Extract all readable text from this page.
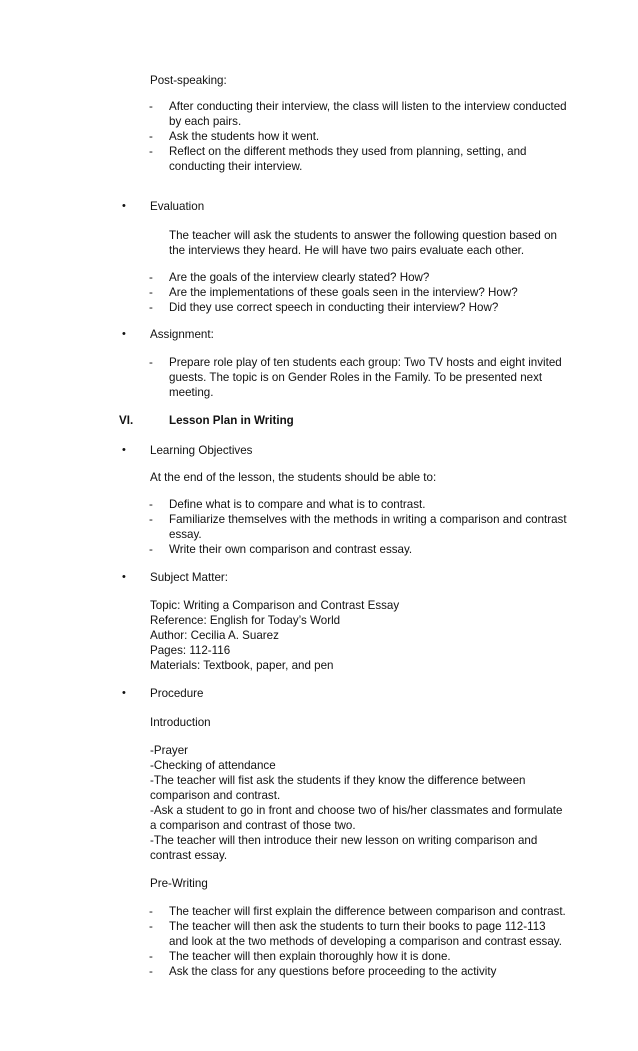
Post-speaking:
- After conducting their interview, the class will listen to the interview conducted
by each pairs.
- Ask the students how it went.
- Reflect on the different methods they used from planning, setting, and
conducting their interview.
• Evaluation
The teacher will ask the students to answer the following question based on
the interviews they heard. He will have two pairs evaluate each other.
- Are the goals of the interview clearly stated? How?
- Are the implementations of these goals seen in the interview? How?
- Did they use correct speech in conducting their interview? How?
• Assignment:
- Prepare role play of ten students each group: Two TV hosts and eight invited
guests. The topic is on Gender Roles in the Family. To be presented next
meeting.
VI.	Lesson Plan in Writing
• Learning Objectives
At the end of the lesson, the students should be able to:
- Define what is to compare and what is to contrast.
- Familiarize themselves with the methods in writing a comparison and contrast
essay.
- Write their own comparison and contrast essay.
• Subject Matter:
Topic: Writing a Comparison and Contrast Essay
Reference: English for Today’s World
Author: Cecilia A. Suarez
Pages: 112-116
Materials: Textbook, paper, and pen
• Procedure
Introduction
-Prayer
-Checking of attendance
-The teacher will fist ask the students if they know the difference between
comparison and contrast.
-Ask a student to go in front and choose two of his/her classmates and formulate
a comparison and contrast of those two.
-The teacher will then introduce their new lesson on writing comparison and
contrast essay.
Pre-Writing
- The teacher will first explain the difference between comparison and contrast.
- The teacher will then ask the students to turn their books to page 112-113
and look at the two methods of developing a comparison and contrast essay.
- The teacher will then explain thoroughly how it is done.
- Ask the class for any questions before proceeding to the activity
